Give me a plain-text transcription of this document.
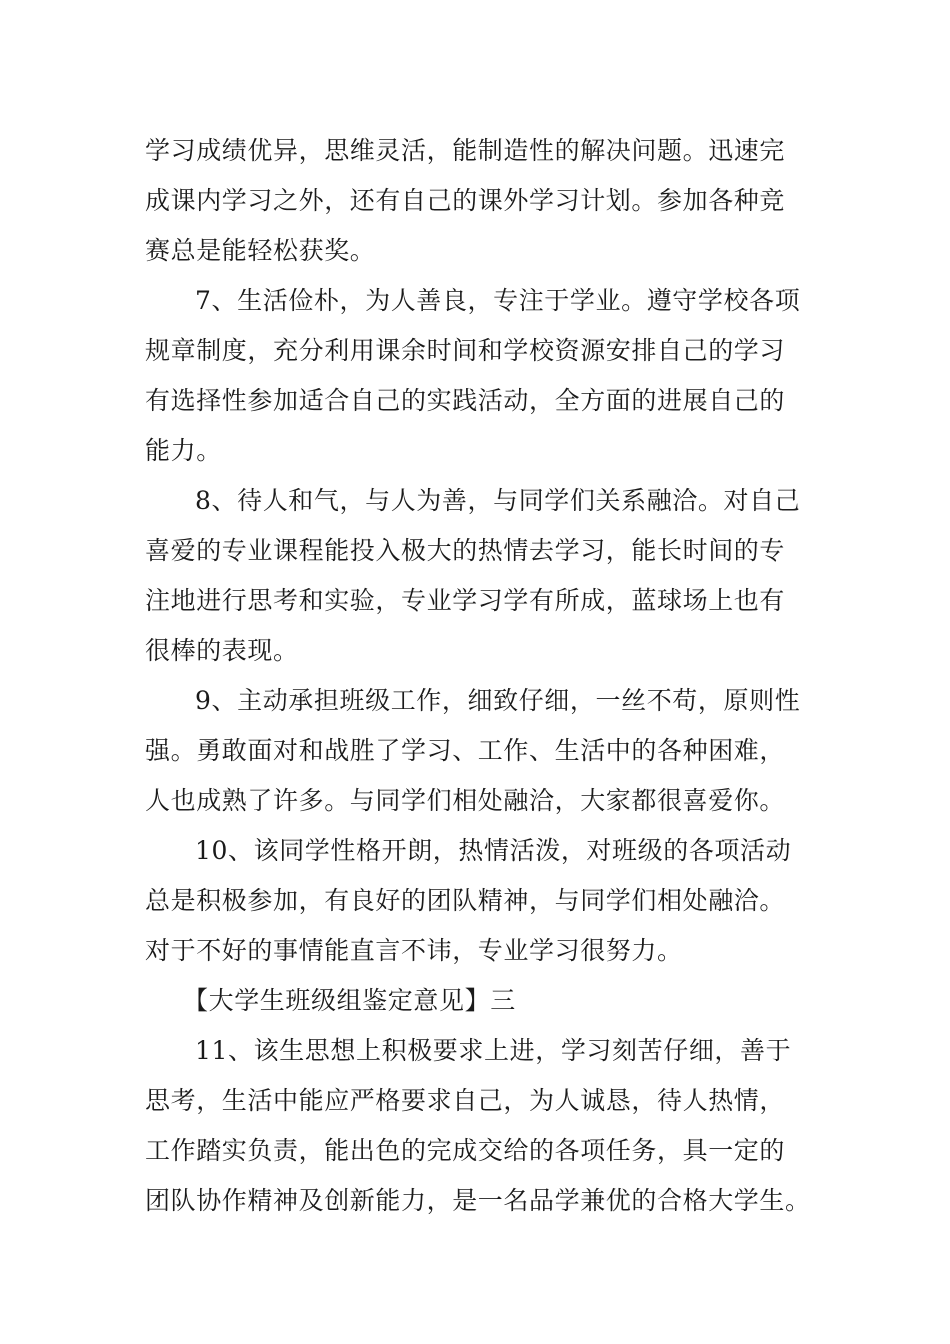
学习成绩优异，思维灵活，能制造性的解决问题。迅速完
成课内学习之外，还有自己的课外学习计划。参加各种竞
赛总是能轻松获奖。
7、生活俭朴，为人善良，专注于学业。遵守学校各项
规章制度，充分利用课余时间和学校资源安排自己的学习
有选择性参加适合自己的实践活动，全方面的进展自己的
能力。
8、待人和气，与人为善，与同学们关系融洽。对自己
喜爱的专业课程能投入极大的热情去学习，能长时间的专
注地进行思考和实验，专业学习学有所成，蓝球场上也有
很棒的表现。
9、主动承担班级工作，细致仔细，一丝不苟，原则性
强。勇敢面对和战胜了学习、工作、生活中的各种困难，
人也成熟了许多。与同学们相处融洽，大家都很喜爱你。
10、该同学性格开朗，热情活泼，对班级的各项活动
总是积极参加，有良好的团队精神，与同学们相处融洽。
对于不好的事情能直言不讳，专业学习很努力。
【大学生班级组鉴定意见】三
11、该生思想上积极要求上进，学习刻苦仔细，善于
思考，生活中能应严格要求自己，为人诚恳，待人热情，
工作踏实负责，能出色的完成交给的各项任务，具一定的
团队协作精神及创新能力，是一名品学兼优的合格大学生。
